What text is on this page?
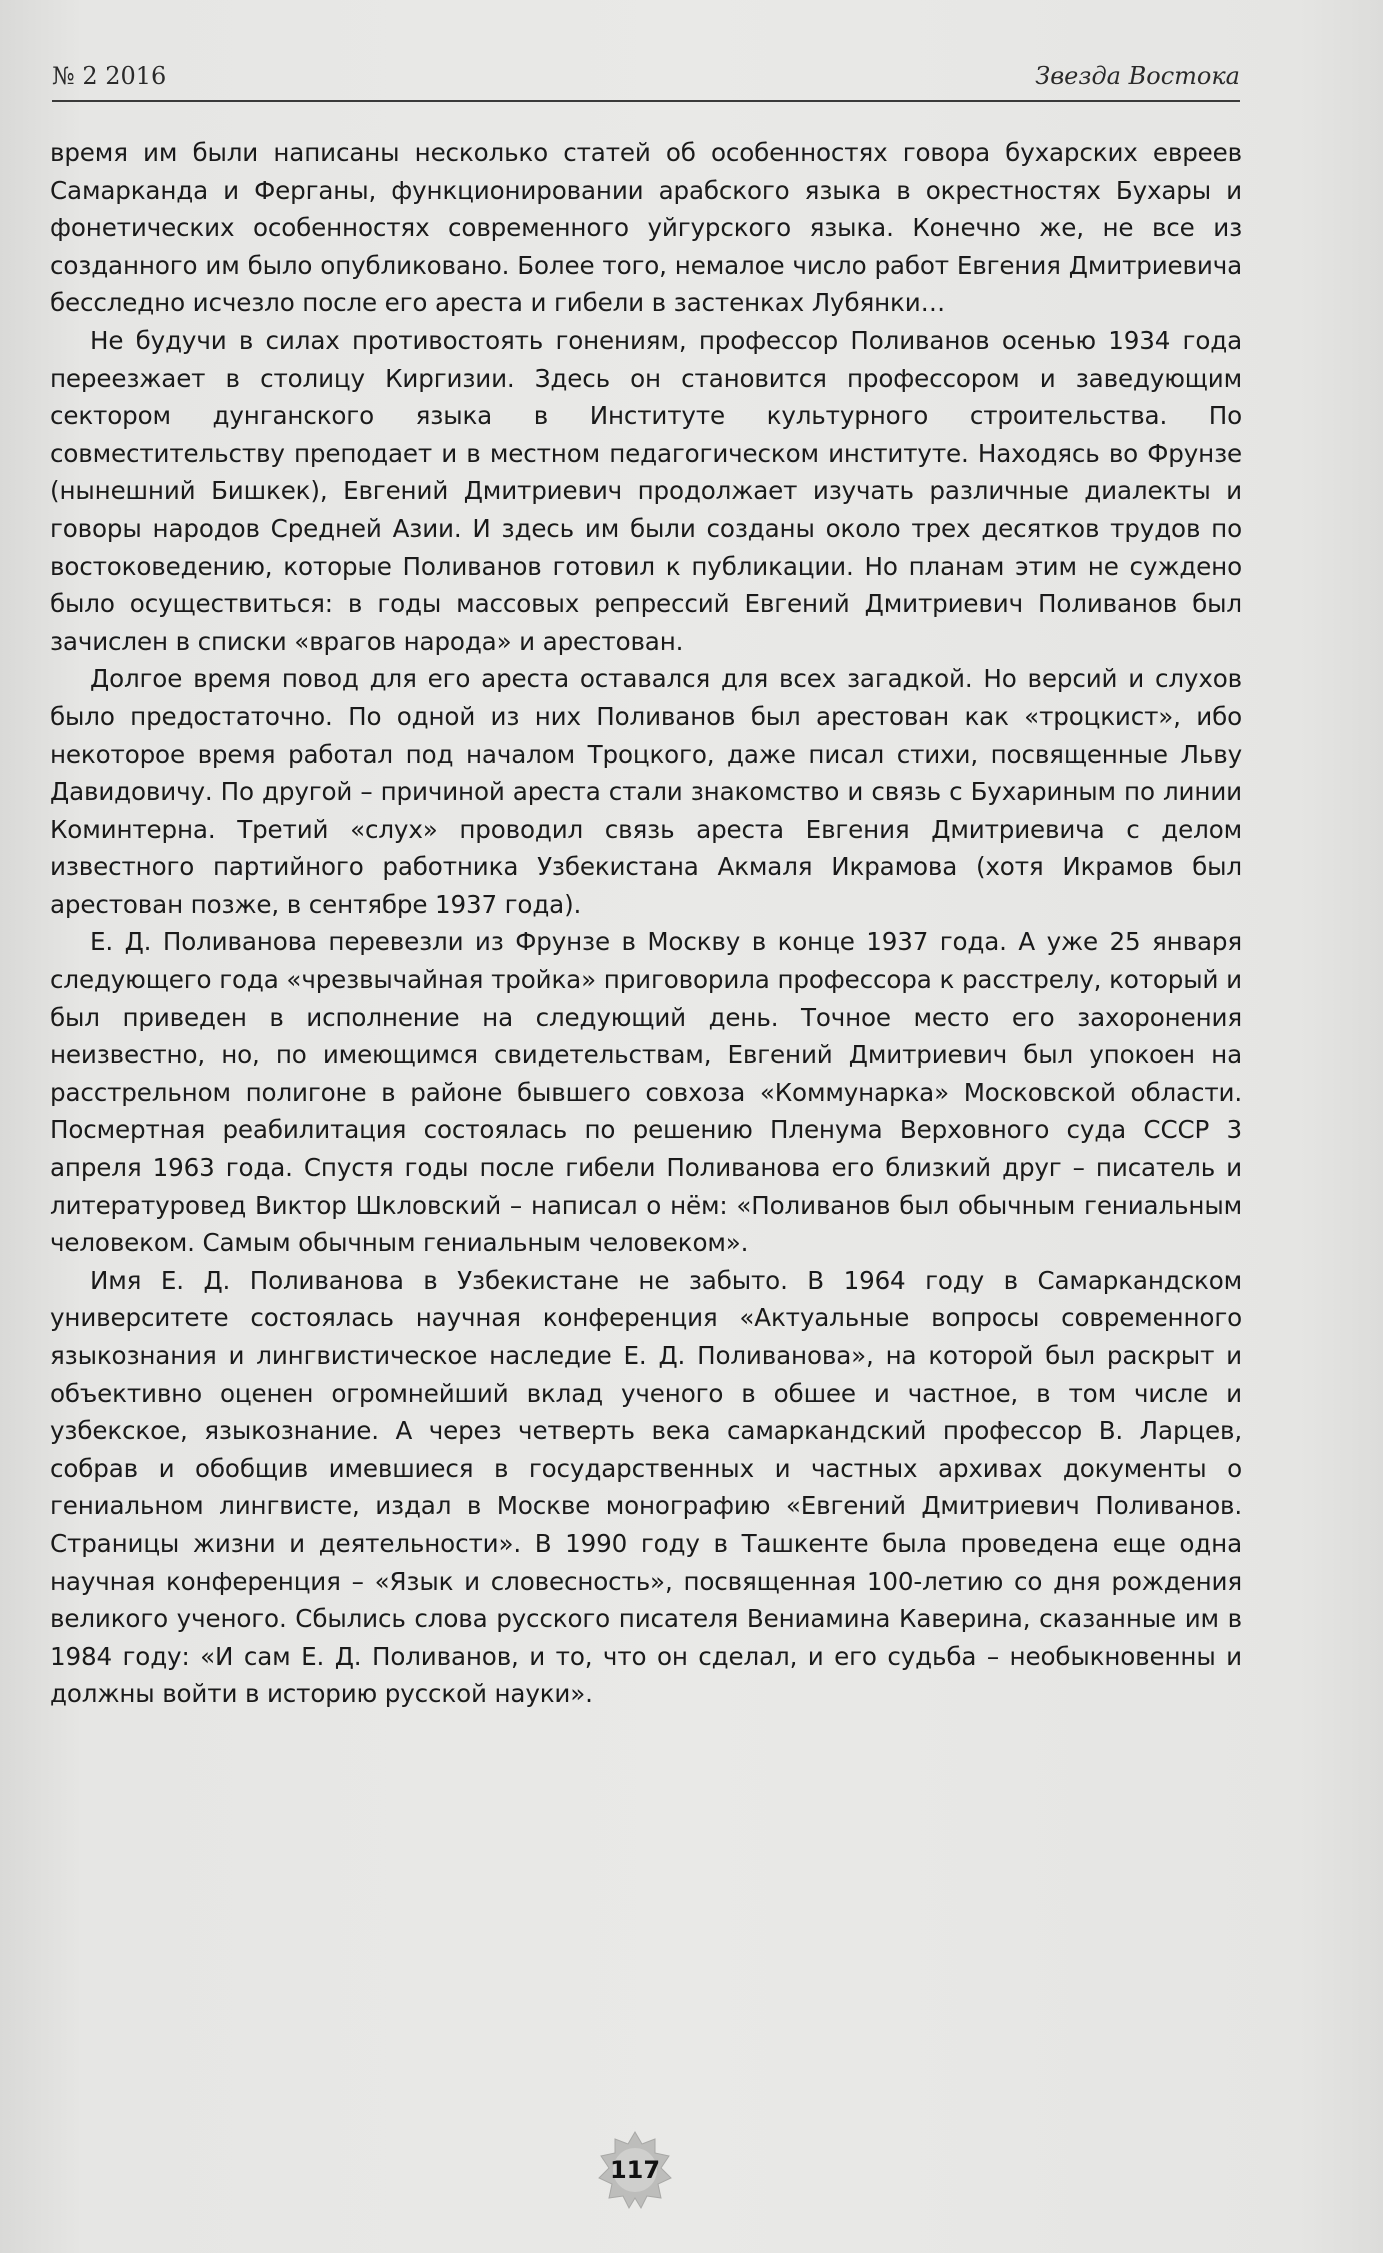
№ 2 2016	Звезда Востока

время им были написаны несколько статей об особенностях говора бухарских евреев Самарканда и Ферганы, функционировании арабского языка в окрестностях Бухары и фонетических особенностях современного уйгурского языка. Конечно же, не все из созданного им было опубликовано. Более того, немалое число работ Евгения Дмитриевича бесследно исчезло после его ареста и гибели в застенках Лубянки…

Не будучи в силах противостоять гонениям, профессор Поливанов осенью 1934 года переезжает в столицу Киргизии. Здесь он становится профессором и заведующим сектором дунганского языка в Институте культурного строительства. По совместительству преподает и в местном педагогическом институте. Находясь во Фрунзе (нынешний Бишкек), Евгений Дмитриевич продолжает изучать различные диалекты и говоры народов Средней Азии. И здесь им были созданы около трех десятков трудов по востоковедению, которые Поливанов готовил к публикации. Но планам этим не суждено было осуществиться: в годы массовых репрессий Евгений Дмитриевич Поливанов был зачислен в списки «врагов народа» и арестован.

Долгое время повод для его ареста оставался для всех загадкой. Но версий и слухов было предостаточно. По одной из них Поливанов был арестован как «троцкист», ибо некоторое время работал под началом Троцкого, даже писал стихи, посвященные Льву Давидовичу. По другой – причиной ареста стали знакомство и связь с Бухариным по линии Коминтерна. Третий «слух» проводил связь ареста Евгения Дмитриевича с делом известного партийного работника Узбекистана Акмаля Икрамова (хотя Икрамов был арестован позже, в сентябре 1937 года).

Е. Д. Поливанова перевезли из Фрунзе в Москву в конце 1937 года. А уже 25 января следующего года «чрезвычайная тройка» приговорила профессора к расстрелу, который и был приведен в исполнение на следующий день. Точное место его захоронения неизвестно, но, по имеющимся свидетельствам, Евгений Дмитриевич был упокоен на расстрельном полигоне в районе бывшего совхоза «Коммунарка» Московской области. Посмертная реабилитация состоялась по решению Пленума Верховного суда СССР 3 апреля 1963 года. Спустя годы после гибели Поливанова его близкий друг – писатель и литературовед Виктор Шкловский – написал о нём: «Поливанов был обычным гениальным человеком. Самым обычным гениальным человеком».

Имя Е. Д. Поливанова в Узбекистане не забыто. В 1964 году в Самаркандском университете состоялась научная конференция «Актуальные вопросы современного языкознания и лингвистическое наследие Е. Д. Поливанова», на которой был раскрыт и объективно оценен огромнейший вклад ученого в обшее и частное, в том числе и узбекское, языкознание. А через четверть века самаркандский профессор В. Ларцев, собрав и обобщив имевшиеся в государственных и частных архивах документы о гениальном лингвисте, издал в Москве монографию «Евгений Дмитриевич Поливанов. Страницы жизни и деятельности». В 1990 году в Ташкенте была проведена еще одна научная конференция – «Язык и словесность», посвященная 100-летию со дня рождения великого ученого. Сбылись слова русского писателя Вениамина Каверина, сказанные им в 1984 году: «И сам Е. Д. Поливанов, и то, что он сделал, и его судьба – необыкновенны и должны войти в историю русской науки».

117
